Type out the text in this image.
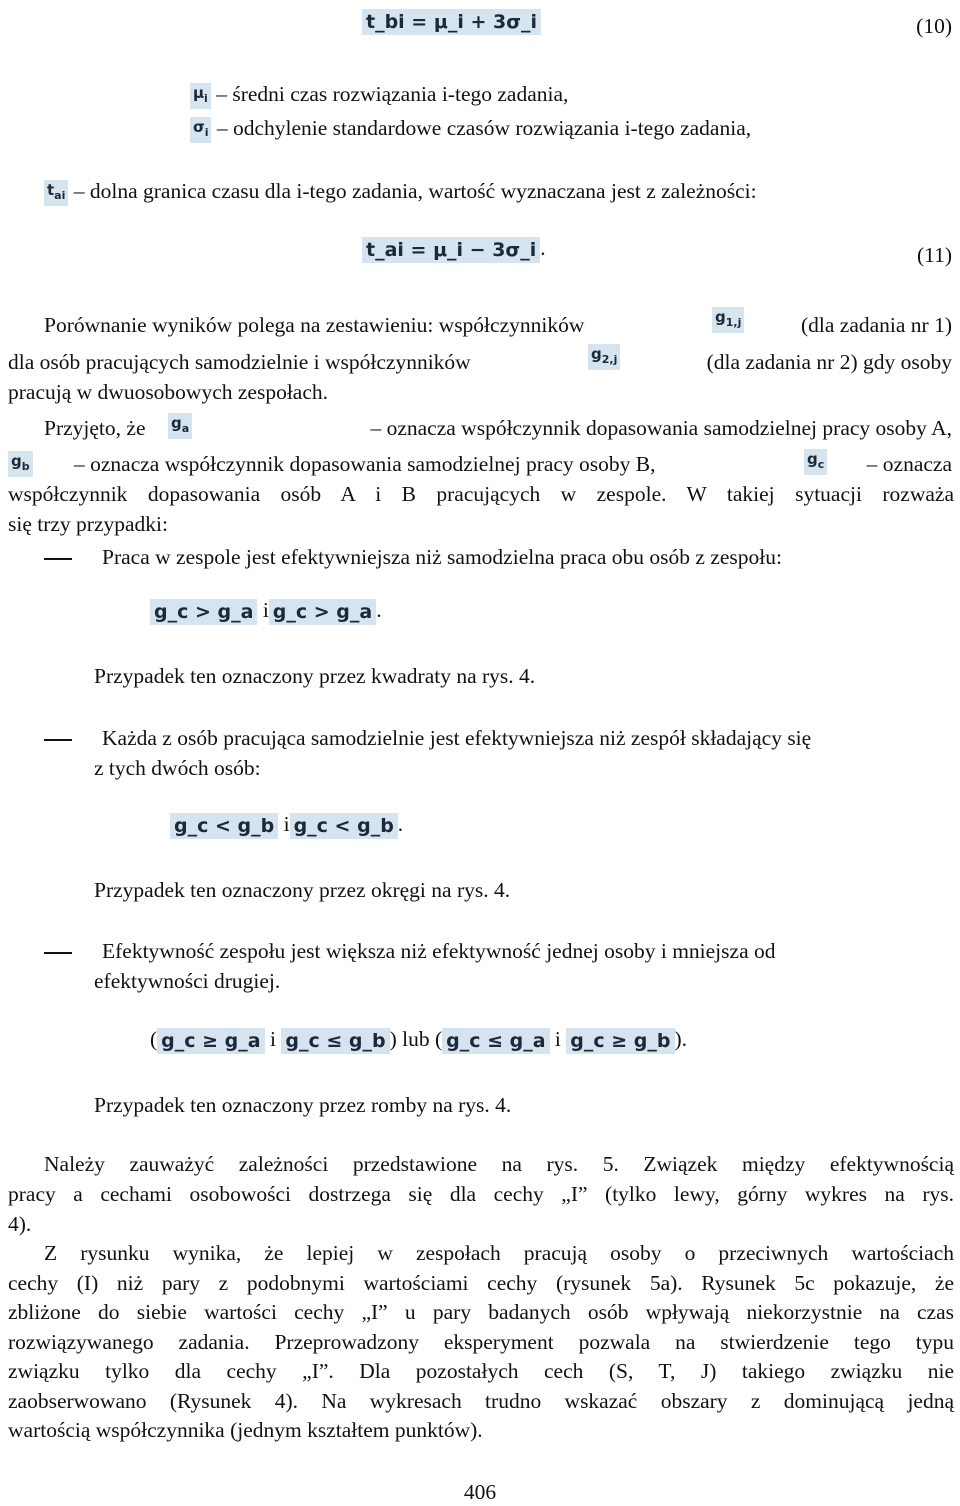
t_bi = μ_i + 3σ_i	(10)
$\mu_i$ – średni czas rozwiązania i-tego zadania,
$\sigma_i$ – odchylenie standardowe czasów rozwiązania i-tego zadania,
$t_{ai}$ – dolna granica czasu dla i-tego zadania, wartość wyznaczana jest z zależności:
t_ai = μ_i − 3σ_i .	(11)
Porównanie wyników polega na zestawieniu: współczynników	$g_{1,j}$	(dla zadania nr 1)
dla osób pracujących samodzielnie i współczynników	$g_{2,j}$	(dla zadania nr 2) gdy osoby
pracują w dwuosobowych zespołach.
Przyjęto, że $g_a$	– oznacza współczynnik dopasowania samodzielnej pracy osoby A,
$g_b$ – oznacza współczynnik dopasowania samodzielnej pracy osoby B,	$g_c$ – oznacza
współczynnik dopasowania osób A i B pracujących w zespole. W takiej sytuacji rozważa
się trzy przypadki:
Praca w zespole jest efektywniejsza niż samodzielna praca obu osób z zespołu:
g_c > g_a i g_c > g_a .
Przypadek ten oznaczony przez kwadraty na rys. 4.
Każda z osób pracująca samodzielnie jest efektywniejsza niż zespół składający się
z tych dwóch osób:
g_c < g_b i g_c < g_b .
Przypadek ten oznaczony przez okręgi na rys. 4.
Efektywność zespołu jest większa niż efektywność jednej osoby i mniejsza od
efektywności drugiej.
( g_c ≥ g_a i g_c ≤ g_b ) lub ( g_c ≤ g_a i g_c ≥ g_b ).
Przypadek ten oznaczony przez romby na rys. 4.
Należy zauważyć zależności przedstawione na rys. 5. Związek między efektywnością
pracy a cechami osobowości dostrzega się dla cechy „I” (tylko lewy, górny wykres na rys.
4).
Z rysunku wynika, że lepiej w zespołach pracują osoby o przeciwnych wartościach
cechy (I) niż pary z podobnymi wartościami cechy (rysunek 5a). Rysunek 5c pokazuje, że
zbliżone do siebie wartości cechy „I” u pary badanych osób wpływają niekorzystnie na czas
rozwiązywanego zadania. Przeprowadzony eksperyment pozwala na stwierdzenie tego typu
związku tylko dla cechy „I”. Dla pozostałych cech (S, T, J) takiego związku nie
zaobserwowano (Rysunek 4). Na wykresach trudno wskazać obszary z dominującą jedną
wartością współczynnika (jednym kształtem punktów).
406
